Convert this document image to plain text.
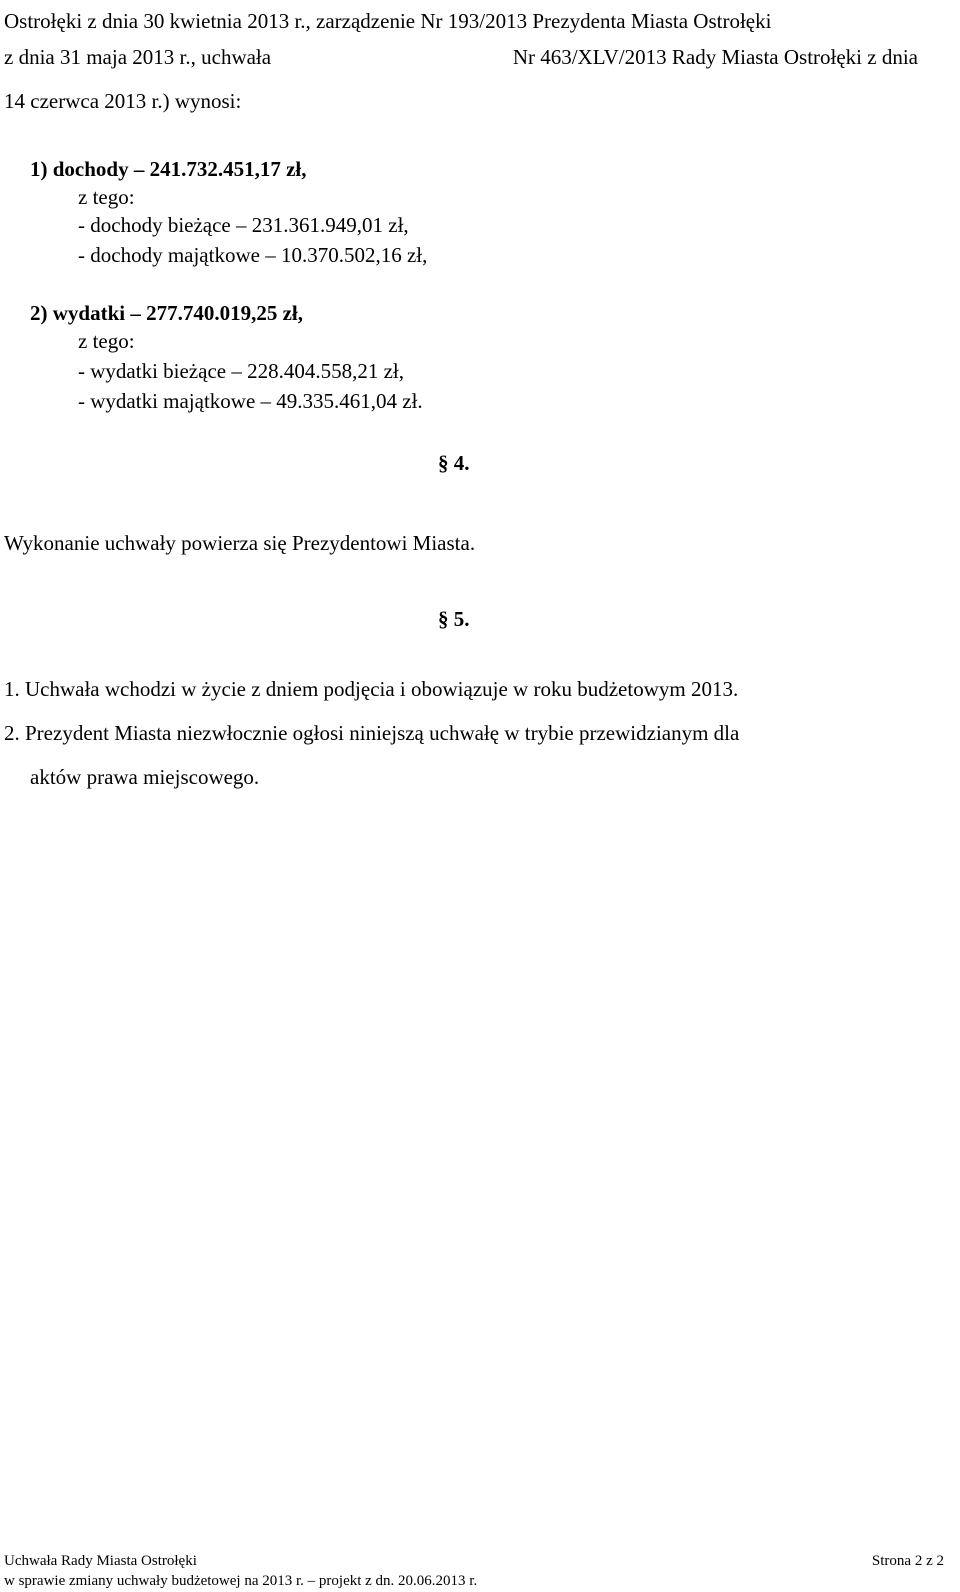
Ostrołęki z dnia 30 kwietnia 2013 r., zarządzenie Nr 193/2013 Prezydenta Miasta Ostrołęki
z dnia 31 maja 2013 r., uchwała	Nr 463/XLV/2013 Rady Miasta Ostrołęki z dnia
14 czerwca 2013 r.) wynosi:
1) dochody – 241.732.451,17 zł,
z tego:
- dochody bieżące – 231.361.949,01 zł,
- dochody majątkowe – 10.370.502,16 zł,
2) wydatki – 277.740.019,25 zł,
z tego:
- wydatki bieżące – 228.404.558,21 zł,
- wydatki majątkowe – 49.335.461,04 zł.
§ 4.
Wykonanie uchwały powierza się Prezydentowi Miasta.
§ 5.
1. Uchwała wchodzi w życie z dniem podjęcia i obowiązuje w roku budżetowym 2013.
2. Prezydent Miasta niezwłocznie ogłosi niniejszą uchwałę w trybie przewidzianym dla
aktów prawa miejscowego.
Uchwała Rady Miasta Ostrołęki
w sprawie zmiany uchwały budżetowej na 2013 r. – projekt z dn. 20.06.2013 r.
Strona 2 z 2
